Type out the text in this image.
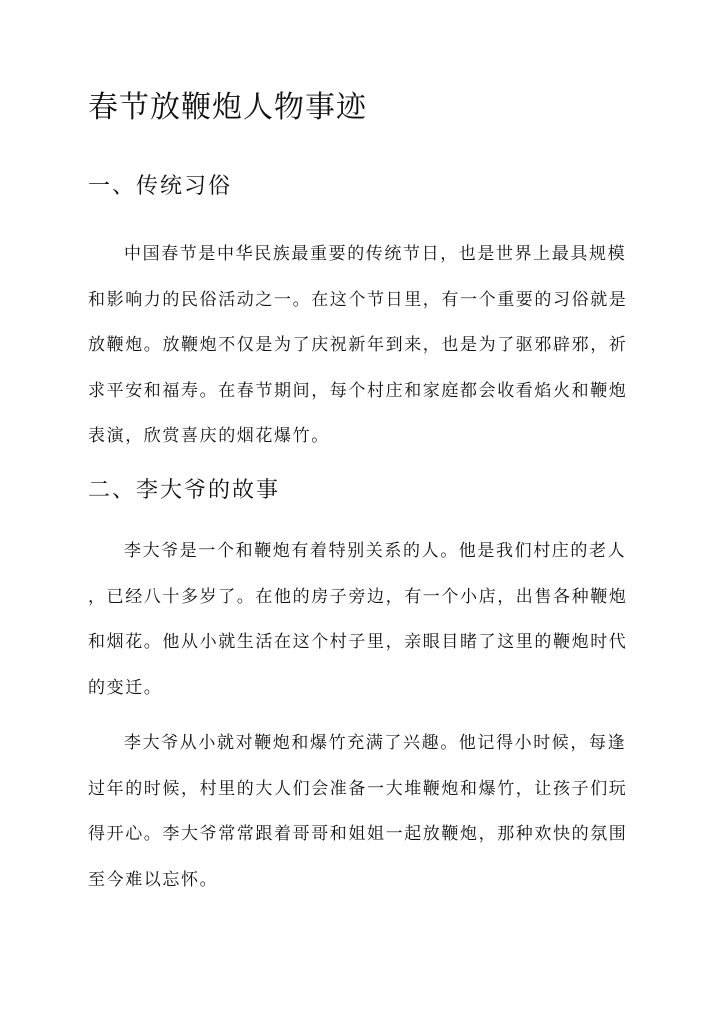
春节放鞭炮人物事迹
一、传统习俗

中国春节是中华民族最重要的传统节日，也是世界上最具规模
和影响力的民俗活动之一。在这个节日里，有一个重要的习俗就是
放鞭炮。放鞭炮不仅是为了庆祝新年到来，也是为了驱邪辟邪，祈
求平安和福寿。在春节期间，每个村庄和家庭都会收看焰火和鞭炮
表演，欣赏喜庆的烟花爆竹。

二、李大爷的故事

李大爷是一个和鞭炮有着特别关系的人。他是我们村庄的老人
，已经八十多岁了。在他的房子旁边，有一个小店，出售各种鞭炮
和烟花。他从小就生活在这个村子里，亲眼目睹了这里的鞭炮时代
的变迁。

李大爷从小就对鞭炮和爆竹充满了兴趣。他记得小时候，每逢
过年的时候，村里的大人们会准备一大堆鞭炮和爆竹，让孩子们玩
得开心。李大爷常常跟着哥哥和姐姐一起放鞭炮，那种欢快的氛围
至今难以忘怀。
